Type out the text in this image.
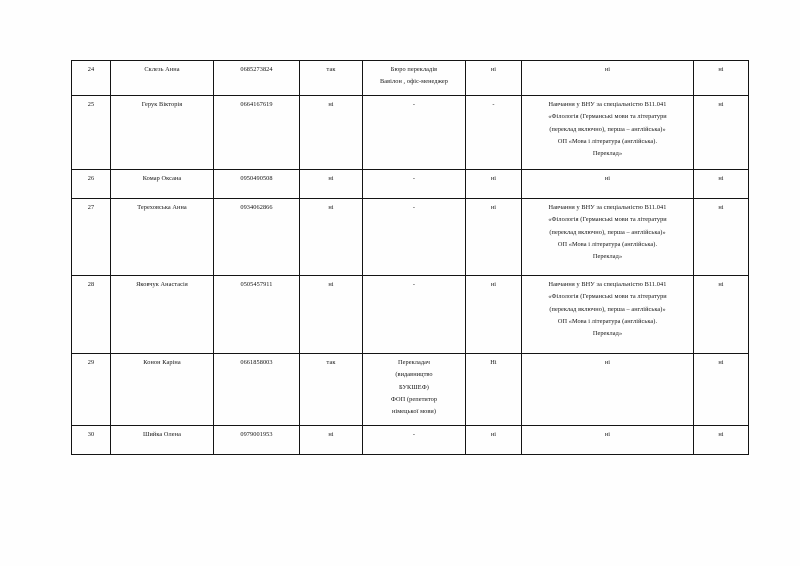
24	Склезь Анна	0685273824	так	Бюро перекладів
Вавілон , офіс-менеджер	ні	ні	ні

25	Герук Вікторія	0664167619	ні	-	-	Навчання у ВНУ за спеціальністю В11.041
«Філологія (Германські мови та літератури
(переклад включно), перша – англійська)»
ОП «Мова і література (англійська).
Переклад»	ні

26	Комар Оксана	0950490508	ні	-	ні	ні	ні

27	Тереховська Анна	0934062866	ні	-	ні	Навчання у ВНУ за спеціальністю В11.041
«Філологія (Германські мови та літератури
(переклад включно), перша – англійська)»
ОП «Мова і література (англійська).
Переклад»	ні

28	Яковчук Анастасія	0505457911	ні	-	ні	Навчання у ВНУ за спеціальністю В11.041
«Філологія (Германські мови та літератури
(переклад включно), перша – англійська)»
ОП «Мова і література (англійська).
Переклад»	ні

29	Конон Каріна	0661858003	так	Перекладач
(видавництво
БУКШЕФ)
ФОП (репетитор
німецької мови)	Ні	ні	ні

30	Шийка Олена	0979001953	ні	-	ні	ні	ні
